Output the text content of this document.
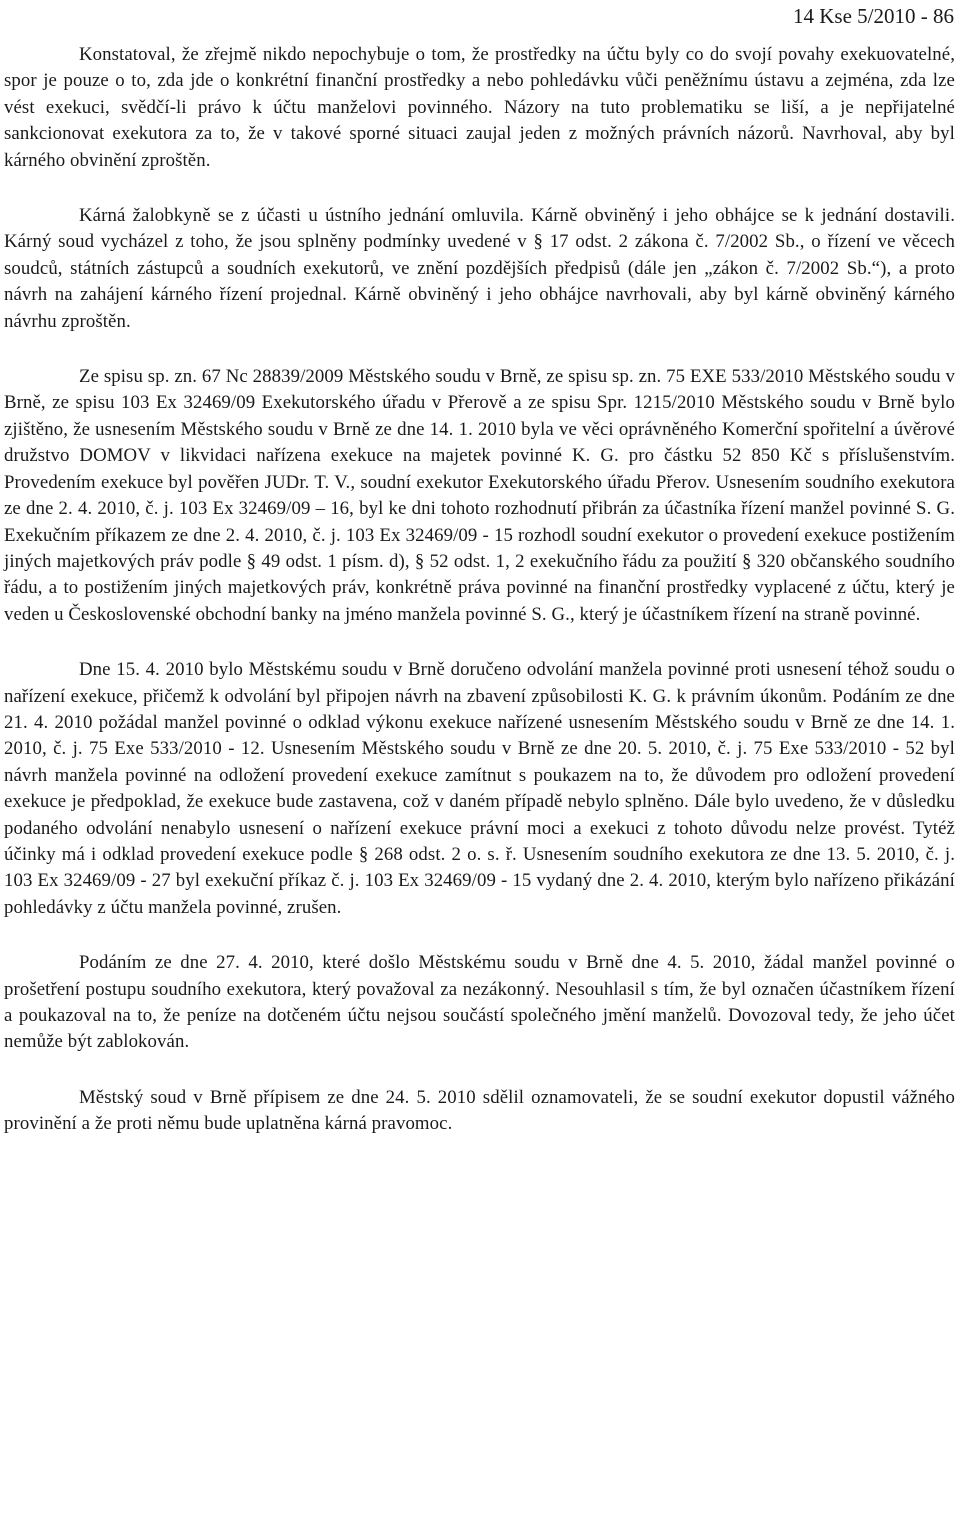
14 Kse 5/2010 - 86

Konstatoval, že zřejmě nikdo nepochybuje o tom, že prostředky na účtu byly co do svojí povahy exekuovatelné, spor je pouze o to, zda jde o konkrétní finanční prostředky a nebo pohledávku vůči peněžnímu ústavu a zejména, zda lze vést exekuci, svědčí-li právo k účtu manželovi povinného. Názory na tuto problematiku se liší, a je nepřijatelné sankcionovat exekutora za to, že v takové sporné situaci zaujal jeden z možných právních názorů. Navrhoval, aby byl kárného obvinění zproštěn.

Kárná žalobkyně se z účasti u ústního jednání omluvila. Kárně obviněný i jeho obhájce se k jednání dostavili. Kárný soud vycházel z toho, že jsou splněny podmínky uvedené v § 17 odst. 2 zákona č. 7/2002 Sb., o řízení ve věcech soudců, státních zástupců a soudních exekutorů, ve znění pozdějších předpisů (dále jen „zákon č. 7/2002 Sb.“), a proto návrh na zahájení kárného řízení projednal. Kárně obviněný i jeho obhájce navrhovali, aby byl kárně obviněný kárného návrhu zproštěn.

Ze spisu sp. zn. 67 Nc 28839/2009 Městského soudu v Brně, ze spisu sp. zn. 75 EXE 533/2010 Městského soudu v Brně, ze spisu 103 Ex 32469/09 Exekutorského úřadu v Přerově a ze spisu Spr. 1215/2010 Městského soudu v Brně bylo zjištěno, že usnesením Městského soudu v Brně ze dne 14. 1. 2010 byla ve věci oprávněného Komerční spořitelní a úvěrové družstvo DOMOV v likvidaci nařízena exekuce na majetek povinné K. G. pro částku 52 850 Kč s příslušenstvím. Provedením exekuce byl pověřen JUDr. T. V., soudní exekutor Exekutorského úřadu Přerov. Usnesením soudního exekutora ze dne 2. 4. 2010, č. j. 103 Ex 32469/09 – 16, byl ke dni tohoto rozhodnutí přibrán za účastníka řízení manžel povinné S. G. Exekučním příkazem ze dne 2. 4. 2010, č. j. 103 Ex 32469/09 - 15 rozhodl soudní exekutor o provedení exekuce postižením jiných majetkových práv podle § 49 odst. 1 písm. d), § 52 odst. 1, 2 exekučního řádu za použití § 320 občanského soudního řádu, a to postižením jiných majetkových práv, konkrétně práva povinné na finanční prostředky vyplacené z účtu, který je veden u Československé obchodní banky na jméno manžela povinné S. G., který je účastníkem řízení na straně povinné.

Dne 15. 4. 2010 bylo Městskému soudu v Brně doručeno odvolání manžela povinné proti usnesení téhož soudu o nařízení exekuce, přičemž k odvolání byl připojen návrh na zbavení způsobilosti K. G. k právním úkonům. Podáním ze dne 21. 4. 2010 požádal manžel povinné o odklad výkonu exekuce nařízené usnesením Městského soudu v Brně ze dne 14. 1. 2010, č. j. 75 Exe 533/2010 - 12. Usnesením Městského soudu v Brně ze dne 20. 5. 2010, č. j. 75 Exe 533/2010 - 52 byl návrh manžela povinné na odložení provedení exekuce zamítnut s poukazem na to, že důvodem pro odložení provedení exekuce je předpoklad, že exekuce bude zastavena, což v daném případě nebylo splněno. Dále bylo uvedeno, že v důsledku podaného odvolání nenabylo usnesení o nařízení exekuce právní moci a exekuci z tohoto důvodu nelze provést. Tytéž účinky má i odklad provedení exekuce podle § 268 odst. 2 o. s. ř. Usnesením soudního exekutora ze dne 13. 5. 2010, č. j. 103 Ex 32469/09 - 27 byl exekuční příkaz č. j. 103 Ex 32469/09 - 15 vydaný dne 2. 4. 2010, kterým bylo nařízeno přikázání pohledávky z účtu manžela povinné, zrušen.

Podáním ze dne 27. 4. 2010, které došlo Městskému soudu v Brně dne 4. 5. 2010, žádal manžel povinné o prošetření postupu soudního exekutora, který považoval za nezákonný. Nesouhlasil s tím, že byl označen účastníkem řízení a poukazoval na to, že peníze na dotčeném účtu nejsou součástí společného jmění manželů. Dovozoval tedy, že jeho účet nemůže být zablokován.

Městský soud v Brně přípisem ze dne 24. 5. 2010 sdělil oznamovateli, že se soudní exekutor dopustil vážného provinění a že proti němu bude uplatněna kárná pravomoc.
